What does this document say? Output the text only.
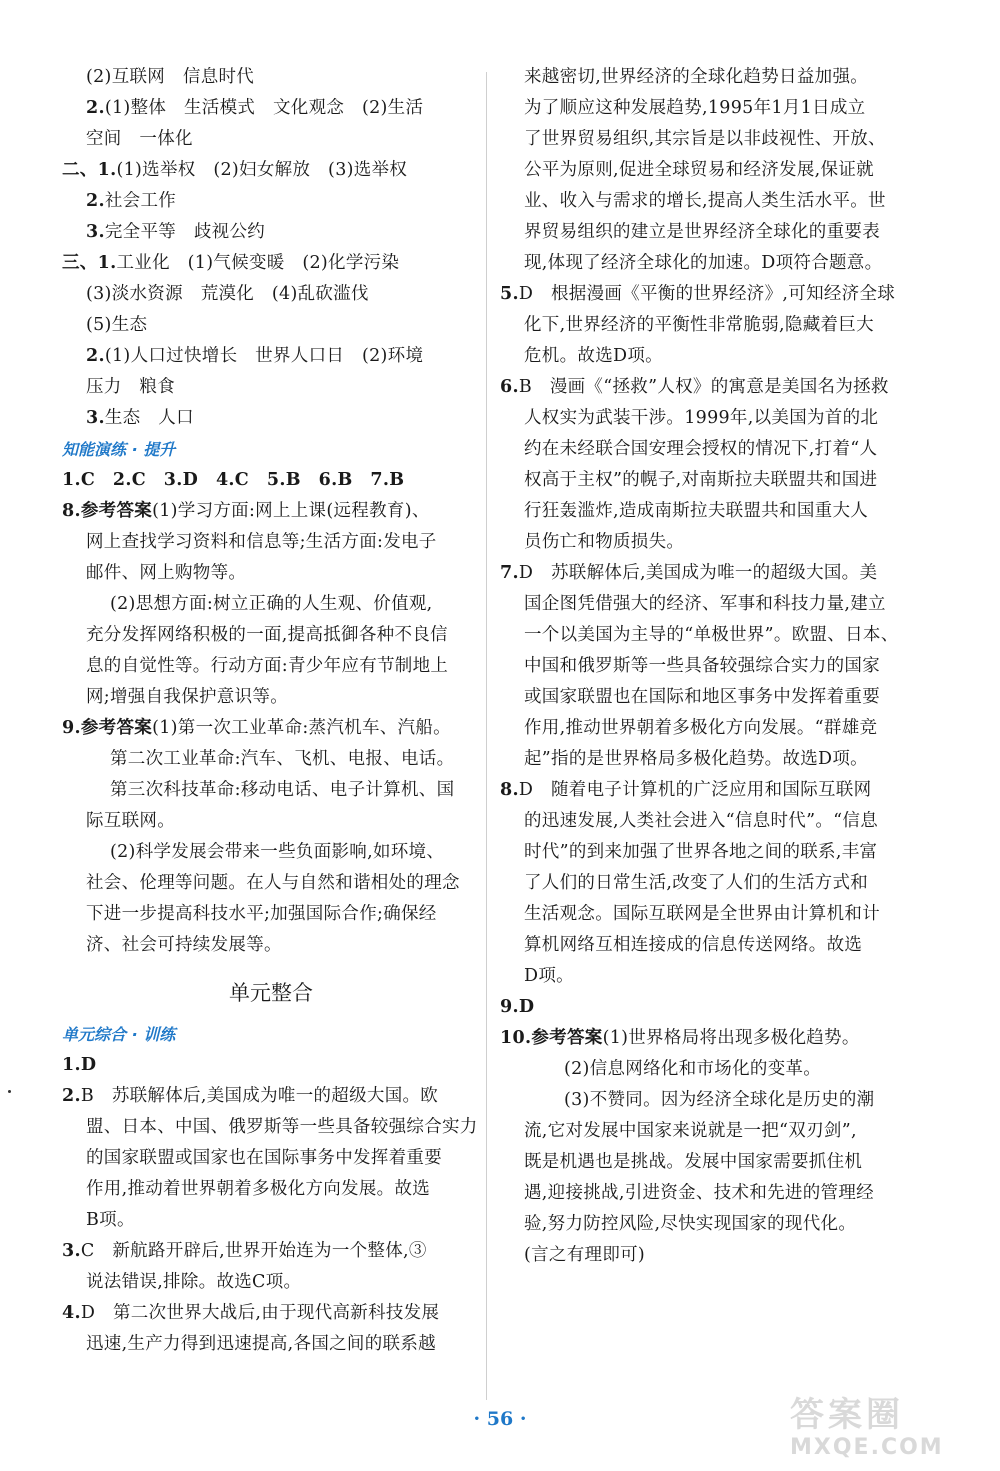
(2)互联网　信息时代
2.(1)整体　生活模式　文化观念　(2)生活
空间　一体化
二、1.(1)选举权　(2)妇女解放　(3)选举权
2.社会工作
3.完全平等　歧视公约
三、1.工业化　(1)气候变暖　(2)化学污染
(3)淡水资源　荒漠化　(4)乱砍滥伐
(5)生态
2.(1)人口过快增长　世界人口日　(2)环境
压力　粮食
3.生态　人口
知能演练 · 提升
1.C　2.C　3.D　4.C　5.B　6.B　7.B
8.参考答案(1)学习方面:网上上课(远程教育)、
网上查找学习资料和信息等;生活方面:发电子
邮件、网上购物等。
(2)思想方面:树立正确的人生观、价值观,
充分发挥网络积极的一面,提高抵御各种不良信
息的自觉性等。行动方面:青少年应有节制地上
网;增强自我保护意识等。
9.参考答案(1)第一次工业革命:蒸汽机车、汽船。
第二次工业革命:汽车、飞机、电报、电话。
第三次科技革命:移动电话、电子计算机、国
际互联网。
(2)科学发展会带来一些负面影响,如环境、
社会、伦理等问题。在人与自然和谐相处的理念
下进一步提高科技水平;加强国际合作;确保经
济、社会可持续发展等。
单元整合
单元综合 · 训练
1.D
2.B　苏联解体后,美国成为唯一的超级大国。欧
盟、日本、中国、俄罗斯等一些具备较强综合实力
的国家联盟或国家也在国际事务中发挥着重要
作用,推动着世界朝着多极化方向发展。故选
B项。
3.C　新航路开辟后,世界开始连为一个整体,③
说法错误,排除。故选C项。
4.D　第二次世界大战后,由于现代高新科技发展
迅速,生产力得到迅速提高,各国之间的联系越
来越密切,世界经济的全球化趋势日益加强。
为了顺应这种发展趋势,1995年1月1日成立
了世界贸易组织,其宗旨是以非歧视性、开放、
公平为原则,促进全球贸易和经济发展,保证就
业、收入与需求的增长,提高人类生活水平。世
界贸易组织的建立是世界经济全球化的重要表
现,体现了经济全球化的加速。D项符合题意。
5.D　根据漫画《平衡的世界经济》,可知经济全球
化下,世界经济的平衡性非常脆弱,隐藏着巨大
危机。故选D项。
6.B　漫画《“拯救”人权》的寓意是美国名为拯救
人权实为武装干涉。1999年,以美国为首的北
约在未经联合国安理会授权的情况下,打着“人
权高于主权”的幌子,对南斯拉夫联盟共和国进
行狂轰滥炸,造成南斯拉夫联盟共和国重大人
员伤亡和物质损失。
7.D　苏联解体后,美国成为唯一的超级大国。美
国企图凭借强大的经济、军事和科技力量,建立
一个以美国为主导的“单极世界”。欧盟、日本、
中国和俄罗斯等一些具备较强综合实力的国家
或国家联盟也在国际和地区事务中发挥着重要
作用,推动世界朝着多极化方向发展。“群雄竞
起”指的是世界格局多极化趋势。故选D项。
8.D　随着电子计算机的广泛应用和国际互联网
的迅速发展,人类社会进入“信息时代”。“信息
时代”的到来加强了世界各地之间的联系,丰富
了人们的日常生活,改变了人们的生活方式和
生活观念。国际互联网是全世界由计算机和计
算机网络互相连接成的信息传送网络。故选
D项。
9.D
10.参考答案(1)世界格局将出现多极化趋势。
(2)信息网络化和市场化的变革。
(3)不赞同。因为经济全球化是历史的潮
流,它对发展中国家来说就是一把“双刃剑”,
既是机遇也是挑战。发展中国家需要抓住机
遇,迎接挑战,引进资金、技术和先进的管理经
验,努力防控风险,尽快实现国家的现代化。
(言之有理即可)
· 56 ·	答案圈
MXQE.COM
